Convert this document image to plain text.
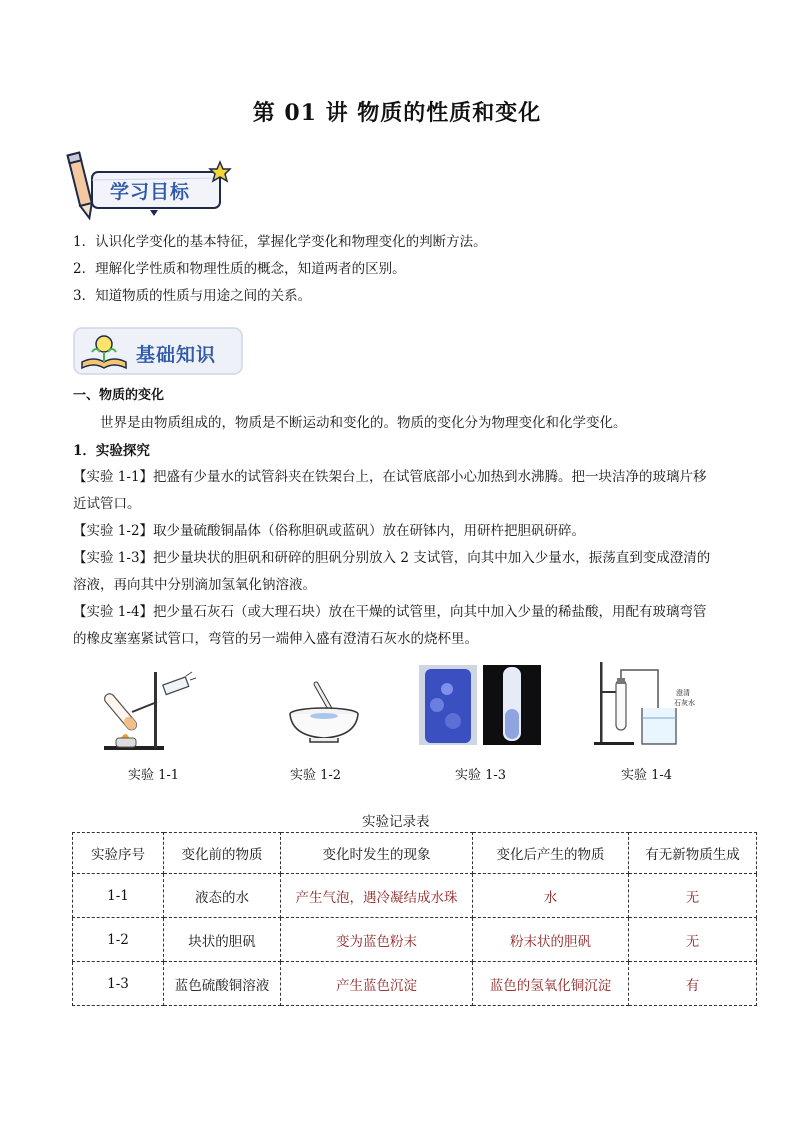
第 01 讲 物质的性质和变化
学习目标
1．认识化学变化的基本特征，掌握化学变化和物理变化的判断方法。
2．理解化学性质和物理性质的概念，知道两者的区别。
3．知道物质的性质与用途之间的关系。
基础知识
一、物质的变化
世界是由物质组成的，物质是不断运动和变化的。物质的变化分为物理变化和化学变化。
1．实验探究
【实验 1-1】把盛有少量水的试管斜夹在铁架台上，在试管底部小心加热到水沸腾。把一块洁净的玻璃片移
近试管口。
【实验 1-2】取少量硫酸铜晶体（俗称胆矾或蓝矾）放在研钵内，用研杵把胆矾研碎。
【实验 1-3】把少量块状的胆矾和研碎的胆矾分别放入 2 支试管，向其中加入少量水，振荡直到变成澄清的
溶液，再向其中分别滴加氢氧化钠溶液。
【实验 1-4】把少量石灰石（或大理石块）放在干燥的试管里，向其中加入少量的稀盐酸，用配有玻璃弯管
的橡皮塞塞紧试管口，弯管的另一端伸入盛有澄清石灰水的烧杯里。
澄清
石灰水
实验 1-1	实验 1-2	实验 1-3	实验 1-4
实验记录表
实验序号	变化前的物质	变化时发生的现象	变化后产生的物质	有无新物质生成
1-1	液态的水	产生气泡，遇冷凝结成水珠	水	无
1-2	块状的胆矾	变为蓝色粉末	粉末状的胆矾	无
1-3	蓝色硫酸铜溶液	产生蓝色沉淀	蓝色的氢氧化铜沉淀	有
